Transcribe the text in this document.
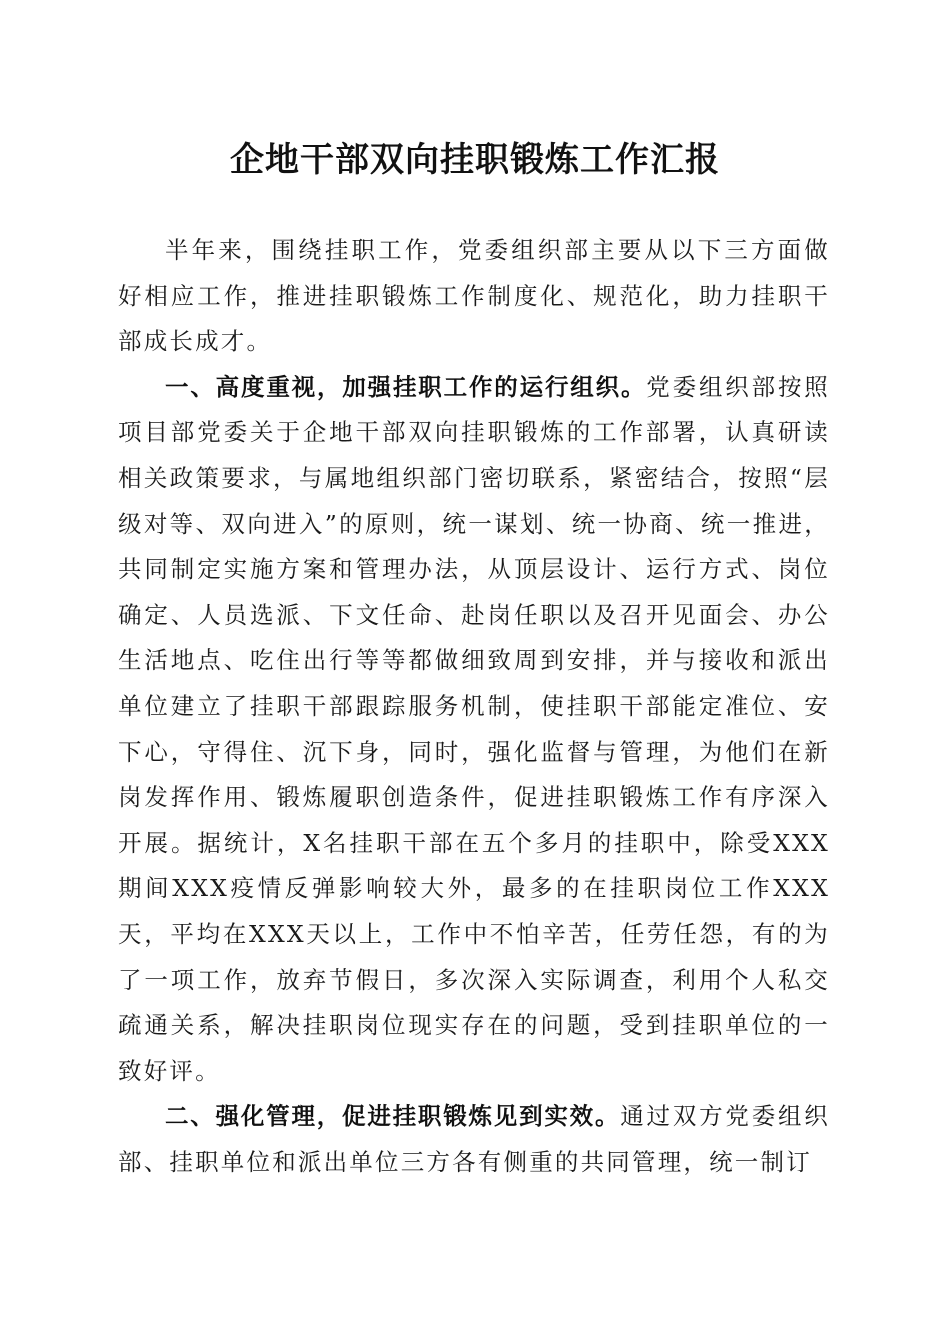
企地干部双向挂职锻炼工作汇报

半年来，围绕挂职工作，党委组织部主要从以下三方面做好相应工作，推进挂职锻炼工作制度化、规范化，助力挂职干部成长成才。

一、高度重视，加强挂职工作的运行组织。党委组织部按照项目部党委关于企地干部双向挂职锻炼的工作部署，认真研读相关政策要求，与属地组织部门密切联系，紧密结合，按照“层级对等、双向进入”的原则，统一谋划、统一协商、统一推进，共同制定实施方案和管理办法，从顶层设计、运行方式、岗位确定、人员选派、下文任命、赴岗任职以及召开见面会、办公生活地点、吃住出行等等都做细致周到安排，并与接收和派出单位建立了挂职干部跟踪服务机制，使挂职干部能定准位、安下心，守得住、沉下身，同时，强化监督与管理，为他们在新岗发挥作用、锻炼履职创造条件，促进挂职锻炼工作有序深入开展。据统计，X名挂职干部在五个多月的挂职中，除受XXX期间XXX疫情反弹影响较大外，最多的在挂职岗位工作XXX天，平均在XXX天以上，工作中不怕辛苦，任劳任怨，有的为了一项工作，放弃节假日，多次深入实际调查，利用个人私交疏通关系，解决挂职岗位现实存在的问题，受到挂职单位的一致好评。

二、强化管理，促进挂职锻炼见到实效。通过双方党委组织部、挂职单位和派出单位三方各有侧重的共同管理，统一制订
